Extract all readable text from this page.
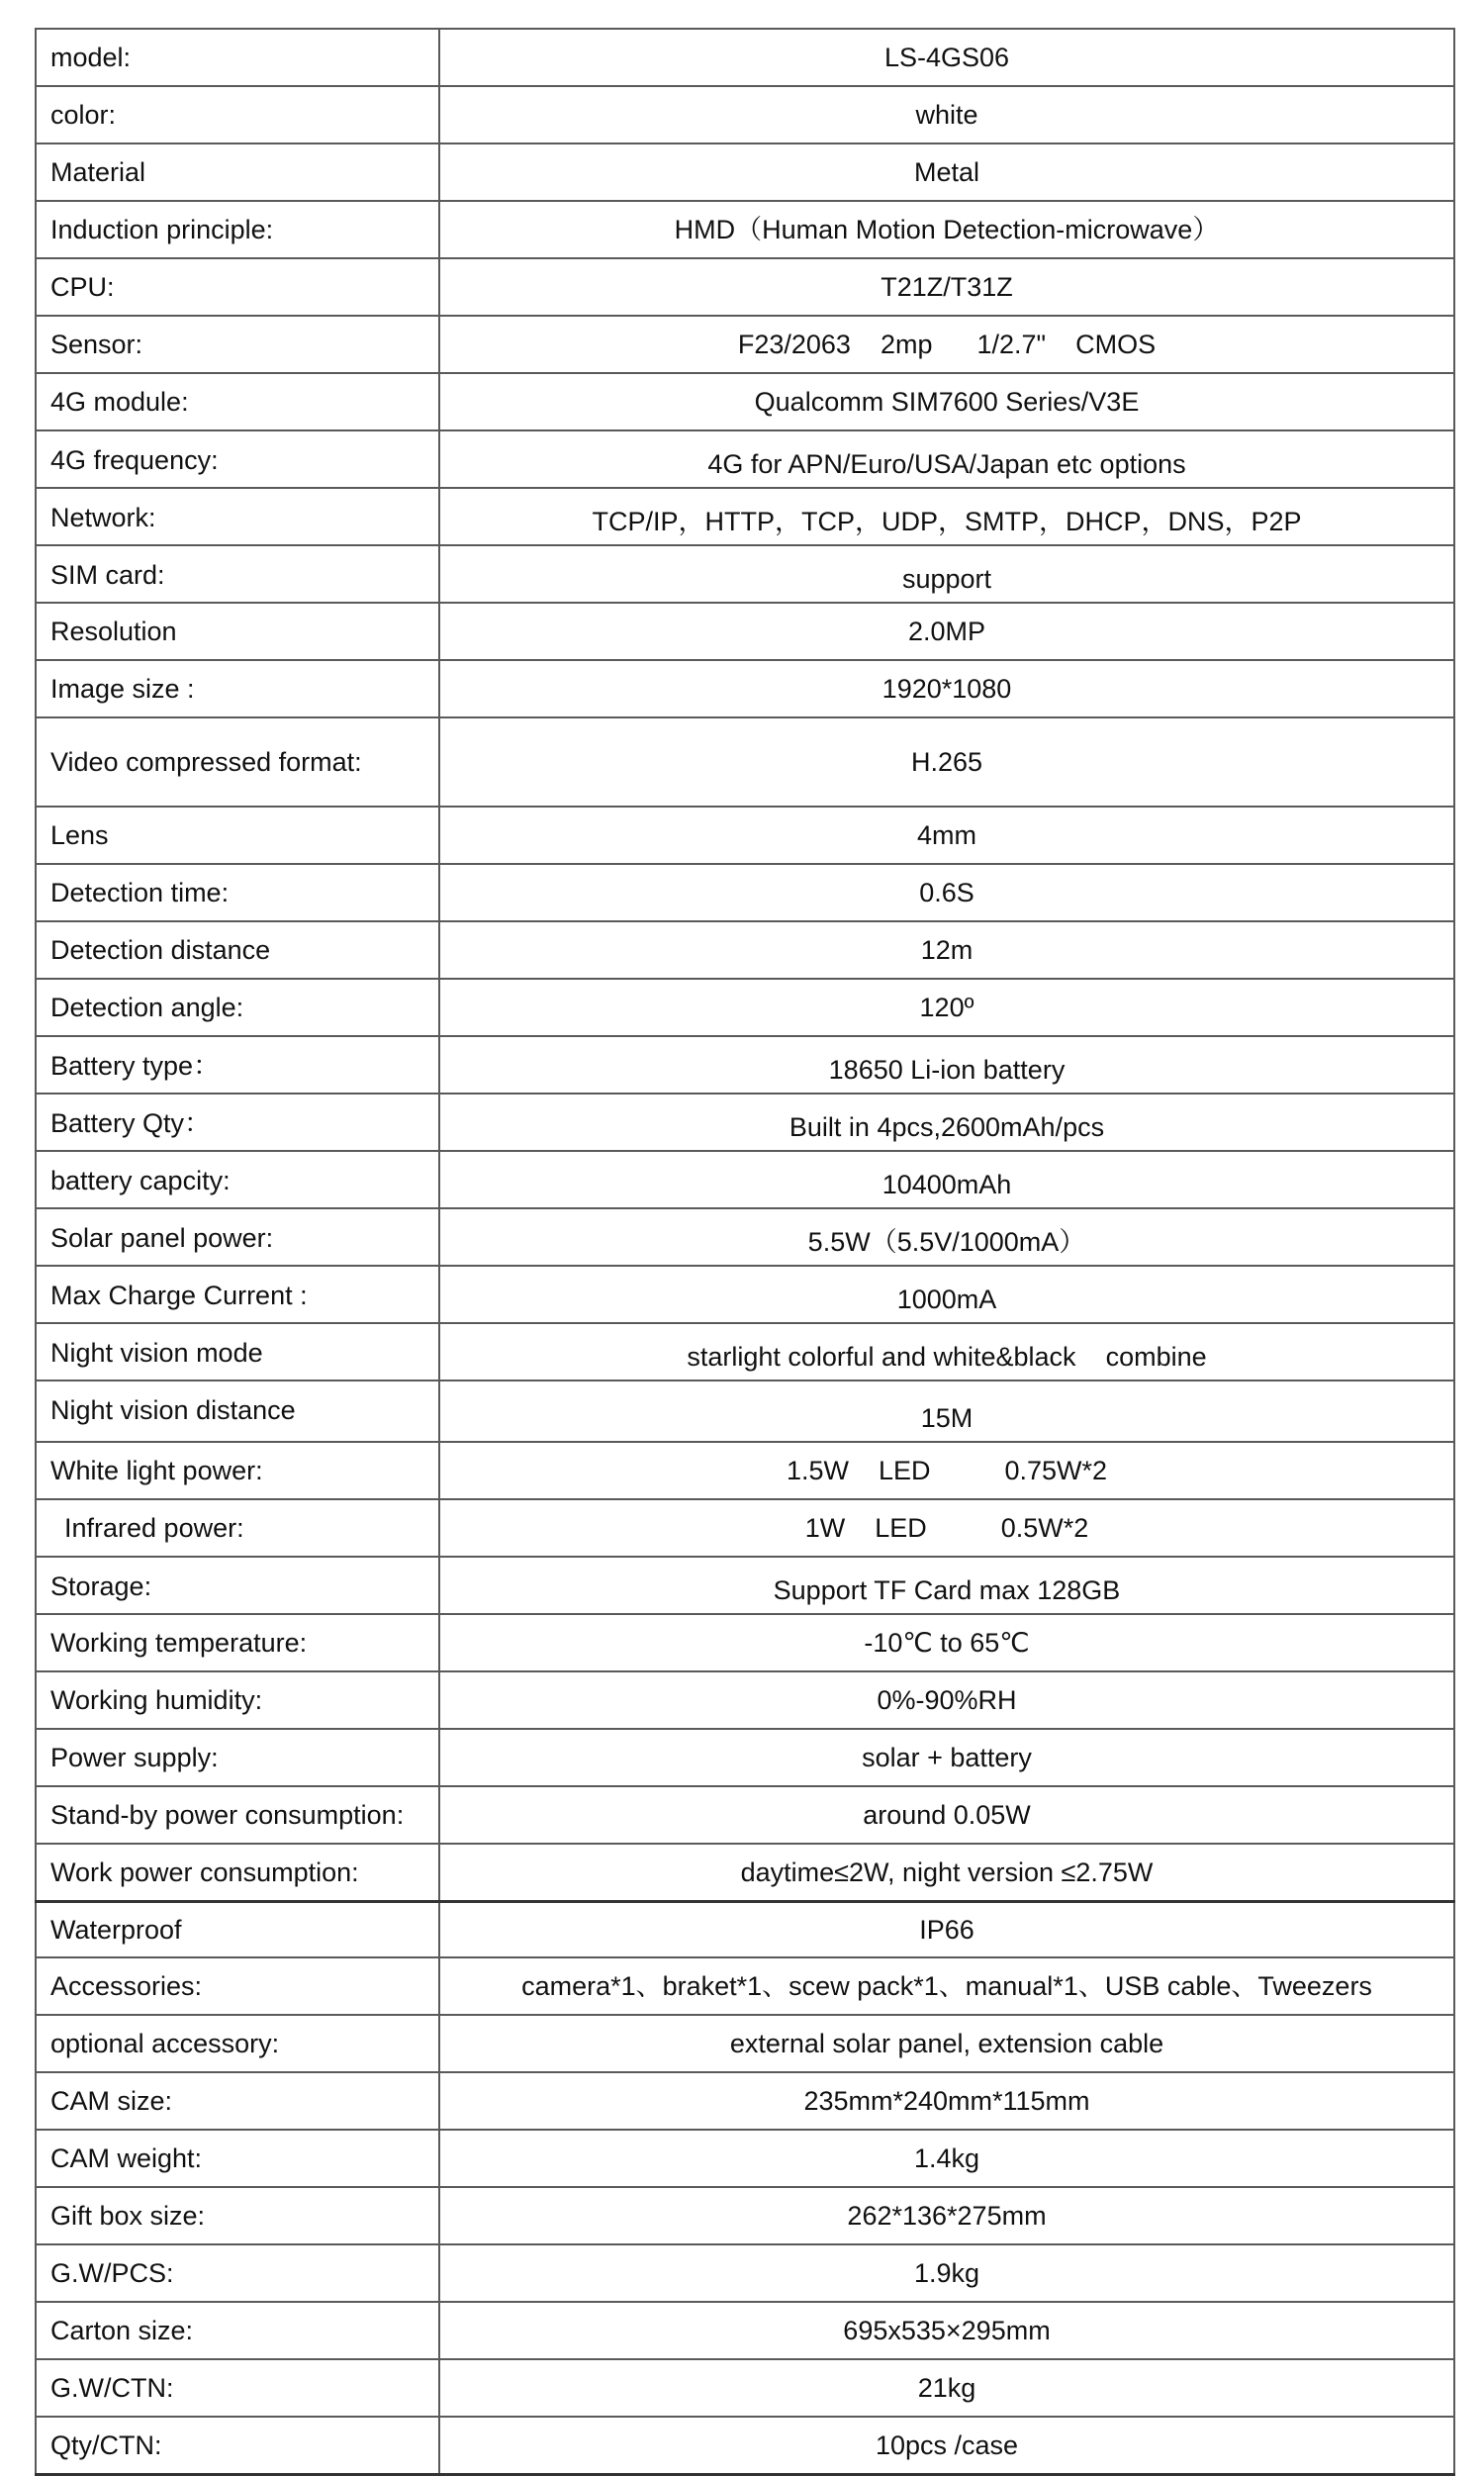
model:	LS-4GS06
color:	white
Material	Metal
Induction principle:	HMD（Human Motion Detection-microwave）
CPU:	T21Z/T31Z
Sensor:	F23/2063    2mp      1/2.7"    CMOS
4G module:	Qualcomm SIM7600 Series/V3E
4G frequency:	4G for APN/Euro/USA/Japan etc options
Network:	TCP/IP，HTTP，TCP，UDP，SMTP，DHCP，DNS，P2P
SIM card:	support
Resolution	2.0MP
Image size :	1920*1080
Video compressed format:	H.265
Lens	4mm
Detection time:	0.6S
Detection distance	12m
Detection angle:	120º
Battery type：	18650 Li-ion battery
Battery Qty：	Built in 4pcs,2600mAh/pcs
battery capcity:	10400mAh
Solar panel power:	5.5W（5.5V/1000mA）
Max Charge Current :	1000mA
Night vision mode	starlight colorful and white&black    combine
Night vision distance	15M
White light power:	1.5W    LED          0.75W*2
Infrared power:	1W    LED          0.5W*2
Storage:	Support TF Card max 128GB
Working temperature:	-10℃ to 65℃
Working humidity:	0%-90%RH
Power supply:	solar + battery
Stand-by power consumption:	around 0.05W
Work power consumption:	daytime≤2W, night version ≤2.75W
Waterproof	IP66
Accessories:	camera*1、braket*1、scew pack*1、manual*1、USB cable、Tweezers
optional accessory:	external solar panel, extension cable
CAM size:	235mm*240mm*115mm
CAM weight:	1.4kg
Gift box size:	262*136*275mm
G.W/PCS:	1.9kg
Carton size:	695x535×295mm
G.W/CTN:	21kg
Qty/CTN:	10pcs /case
